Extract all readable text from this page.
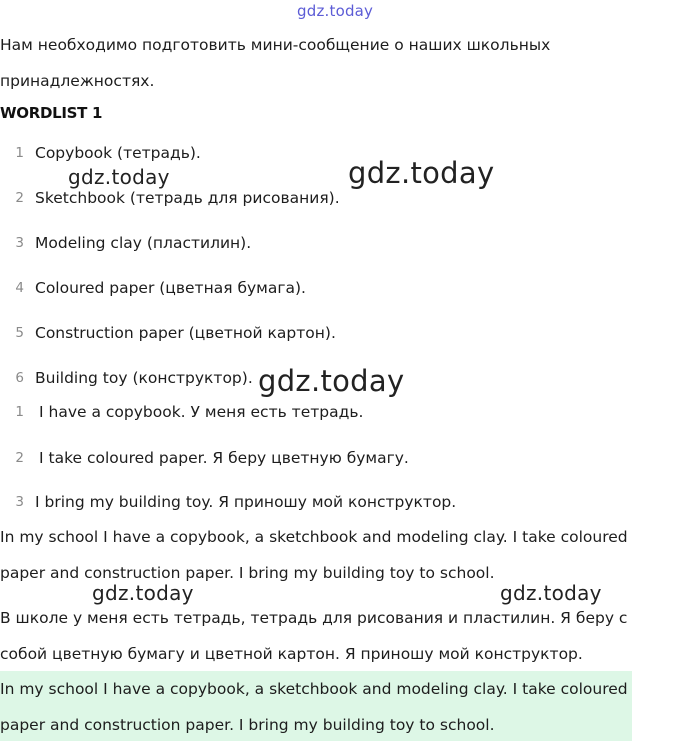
gdz.today

Нам необходимо подготовить мини-сообщение о наших школьных принадлежностях.

WORDLIST 1
1 Copybook (тетрадь).
2 Sketchbook (тетрадь для рисования).
3 Modeling clay (пластилин).
4 Coloured paper (цветная бумага).
5 Construction paper (цветной картон).
6 Building toy (конструктор).
1 I have a copybook. У меня есть тетрадь.
2 I take coloured paper. Я беру цветную бумагу.
3 I bring my building toy. Я приношу мой конструктор.

In my school I have a copybook, a sketchbook and modeling clay. I take coloured paper and construction paper. I bring my building toy to school.

В школе у меня есть тетрадь, тетрадь для рисования и пластилин. Я беру с собой цветную бумагу и цветной картон. Я приношу мой конструктор.

In my school I have a copybook, a sketchbook and modeling clay. I take coloured paper and construction paper. I bring my building toy to school.

gdz.today	gdz.today
gdz.today
gdz.today	gdz.today
